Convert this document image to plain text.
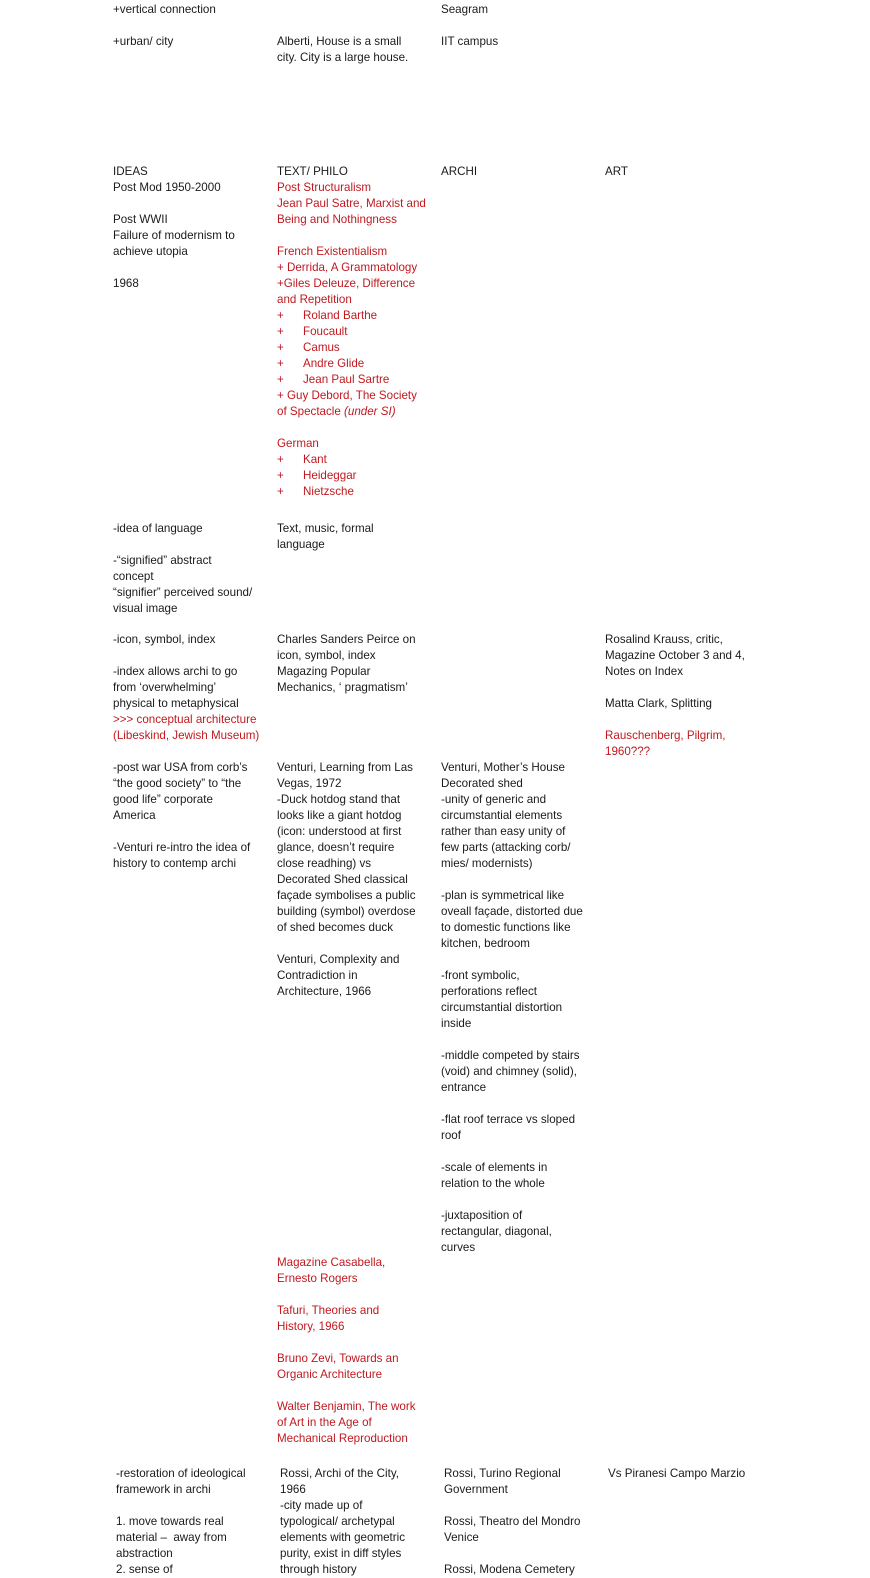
+vertical connection
+urban/ city	Alberti, House is a small
city. City is a large house.
Seagram
IIT campus
IDEAS
Post Mod 1950-2000
Post WWII
Failure of modernism to
achieve utopia
1968
TEXT/ PHILO
Post Structuralism
Jean Paul Satre, Marxist and
Being and Nothingness
French Existentialism
+ Derrida, A Grammatology
+Giles Deleuze, Difference
and Repetition
+ Roland Barthe
+ Foucault
+ Camus
+ Andre Glide
+ Jean Paul Sartre
+ Guy Debord, The Society
of Spectacle (under SI)
German
+ Kant
+ Heideggar
+ Nietzsche
ARCHI	ART
-idea of language
-“signified” abstract
concept
“signifier” perceived sound/
visual image
Text, music, formal
language
-icon, symbol, index
-index allows archi to go
from ‘overwhelming’
physical to metaphysical
>>> conceptual architecture
(Libeskind, Jewish Museum)
Charles Sanders Peirce on
icon, symbol, index
Magazing Popular
Mechanics, ‘ pragmatism’
Rosalind Krauss, critic,
Magazine October 3 and 4,
Notes on Index
Matta Clark, Splitting
Rauschenberg, Pilgrim,
1960???
-post war USA from corb’s
“the good society” to “the
good life” corporate
America
-Venturi re-intro the idea of
history to contemp archi
Venturi, Learning from Las
Vegas, 1972
-Duck hotdog stand that
looks like a giant hotdog
(icon: understood at first
glance, doesn’t require
close readhing) vs
Decorated Shed classical
façade symbolises a public
building (symbol) overdose
of shed becomes duck
Venturi, Complexity and
Contradiction in
Architecture, 1966
Magazine Casabella,
Ernesto Rogers
Tafuri, Theories and
History, 1966
Bruno Zevi, Towards an
Organic Architecture
Walter Benjamin, The work
of Art in the Age of
Mechanical Reproduction
Venturi, Mother’s House
Decorated shed
-unity of generic and
circumstantial elements
rather than easy unity of
few parts (attacking corb/
mies/ modernists)
-plan is symmetrical like
oveall façade, distorted due
to domestic functions like
kitchen, bedroom
-front symbolic,
perforations reflect
circumstantial distortion
inside
-middle competed by stairs
(void) and chimney (solid),
entrance
-flat roof terrace vs sloped
roof
-scale of elements in
relation to the whole
-juxtaposition of
rectangular, diagonal,
curves
-restoration of ideological
framework in archi
1. move towards real
material –  away from
abstraction
2. sense of
Rossi, Archi of the City,
1966
-city made up of
typological/ archetypal
elements with geometric
purity, exist in diff styles
through history
Rossi, Turino Regional
Government
Rossi, Theatro del Mondro
Venice
Rossi, Modena Cemetery
Vs Piranesi Campo Marzio
